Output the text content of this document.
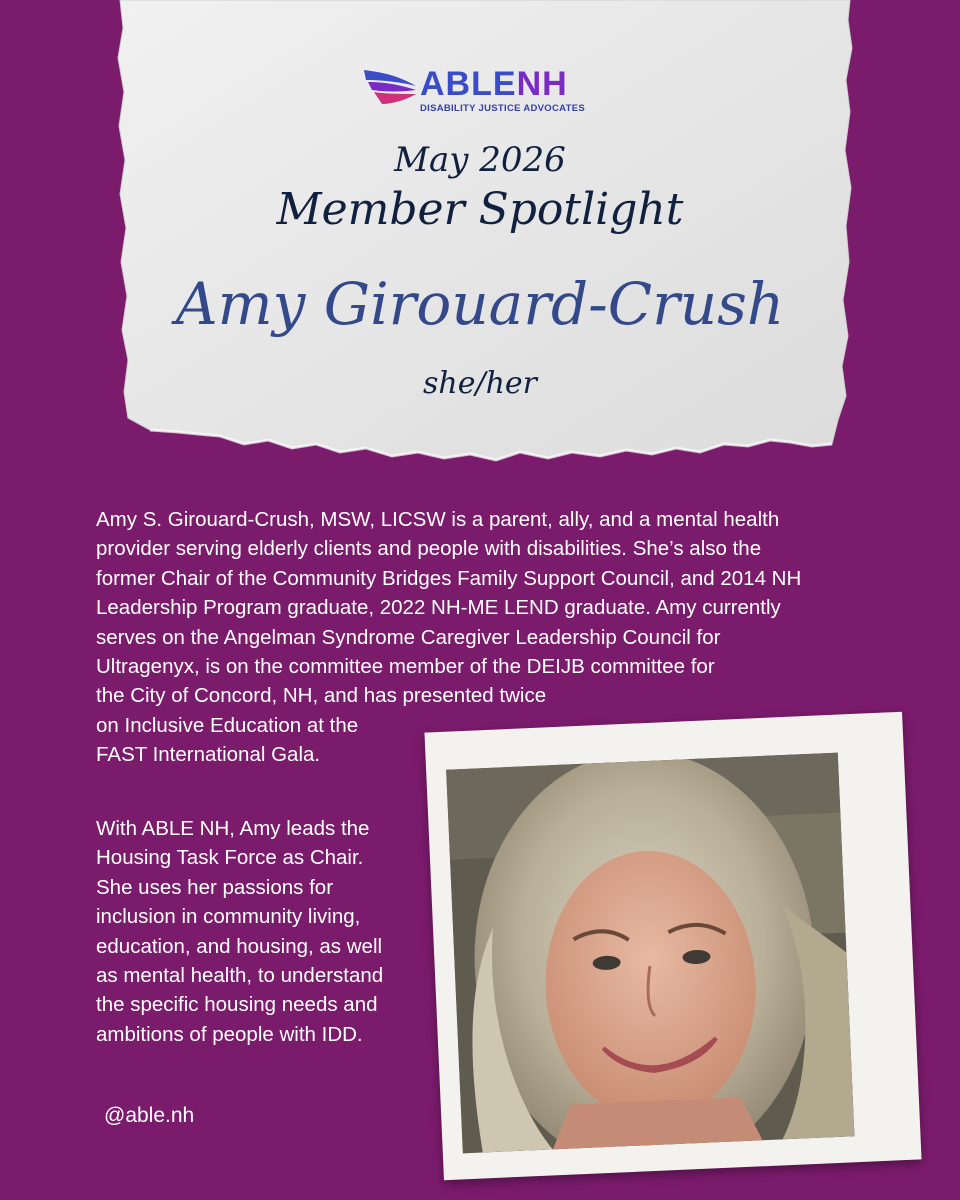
ABLENH
DISABILITY JUSTICE ADVOCATES
May 2026
Member Spotlight
Amy Girouard-Crush
she/her
Amy S. Girouard-Crush, MSW, LICSW is a parent, ally, and a mental health
provider serving elderly clients and people with disabilities. She’s also the
former Chair of the Community Bridges Family Support Council, and 2014 NH
Leadership Program graduate, 2022 NH-ME LEND graduate. Amy currently
serves on the Angelman Syndrome Caregiver Leadership Council for
Ultragenyx, is on the committee member of the DEIJB committee for
the City of Concord, NH, and has presented twice
on Inclusive Education at the
FAST International Gala.
With ABLE NH, Amy leads the
Housing Task Force as Chair.
She uses her passions for
inclusion in community living,
education, and housing, as well
as mental health, to understand
the specific housing needs and
ambitions of people with IDD.
@able.nh
